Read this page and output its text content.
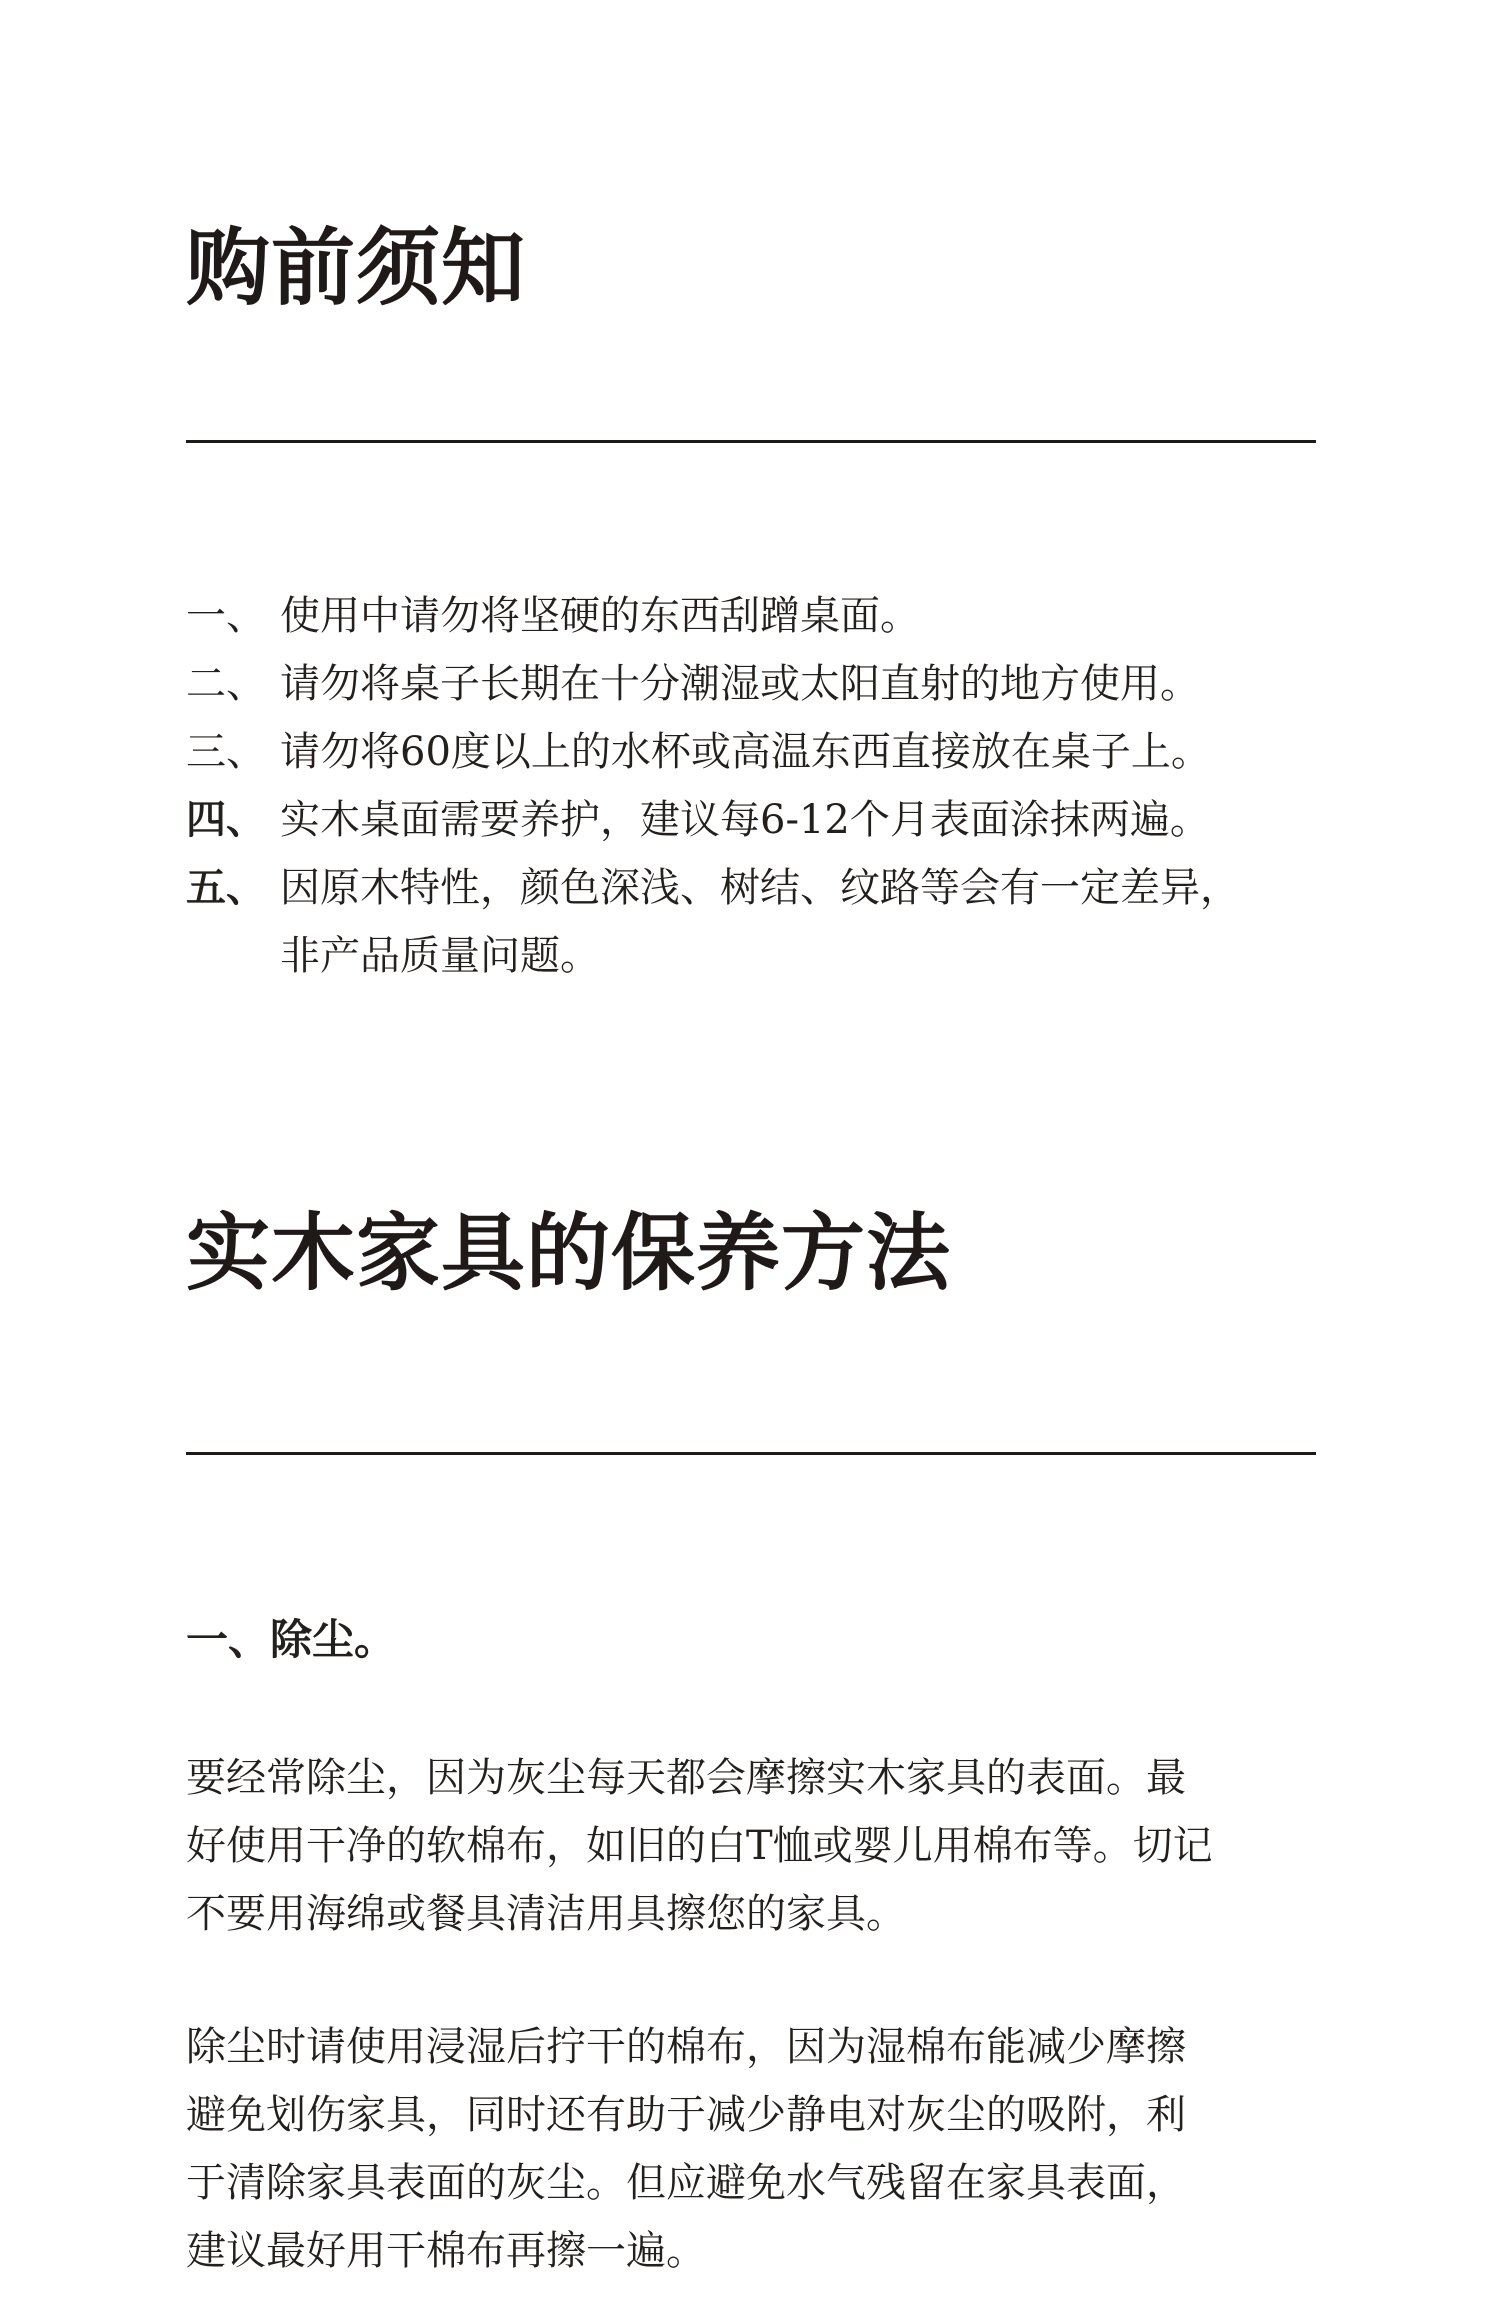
购前须知
一、 使用中请勿将坚硬的东西刮蹭桌面。
二、 请勿将桌子长期在十分潮湿或太阳直射的地方使用。
三、 请勿将60度以上的水杯或高温东西直接放在桌子上。
四、 实木桌面需要养护，建议每6-12个月表面涂抹两遍。
五、 因原木特性，颜色深浅、树结、纹路等会有一定差异，
非产品质量问题。
实木家具的保养方法
一、除尘。

要经常除尘，因为灰尘每天都会摩擦实木家具的表面。最
好使用干净的软棉布，如旧的白T恤或婴儿用棉布等。切记
不要用海绵或餐具清洁用具擦您的家具。

除尘时请使用浸湿后拧干的棉布，因为湿棉布能减少摩擦
避免划伤家具，同时还有助于减少静电对灰尘的吸附，利
于清除家具表面的灰尘。但应避免水气残留在家具表面，
建议最好用干棉布再擦一遍。
